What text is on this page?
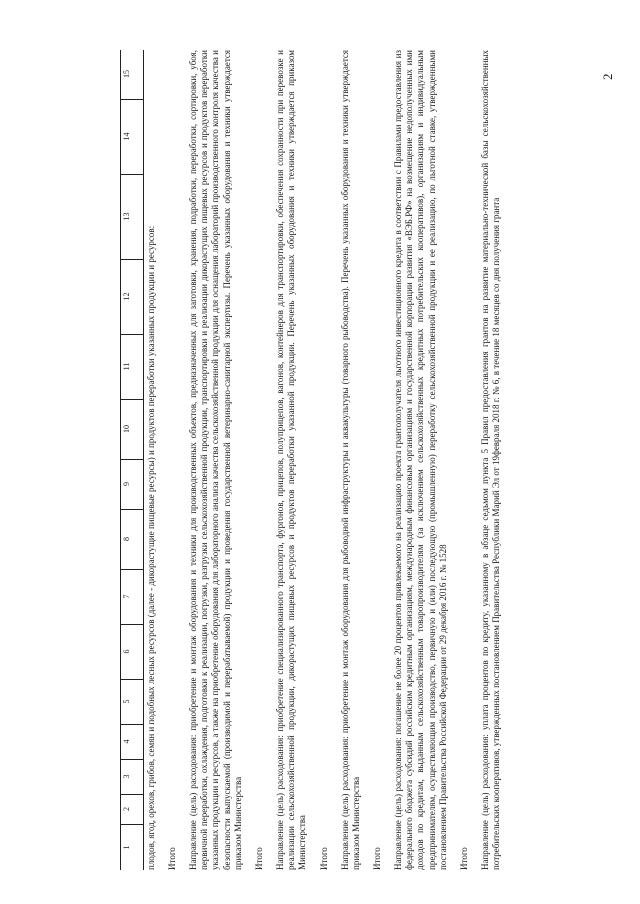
2
1
2
3
4
5
6
7
8
9
10
11
12
13
14
15

плодов, ягод, орехов, грибов, семян и подобных лесных ресурсов (далее - дикорастущие пищевые ресурсы) и продуктов переработки указанных продукции и ресурсов: Итого Направление (цель) расходования: приобретение и монтаж оборудования и техники для производственных объектов, предназначенных для заготовки, хранения, подработки, переработки, сортировки, убоя, первичной переработки, охлаждения, подготовки к реализации, погрузки, разгрузки сельскохозяйственной продукции, транспортировки и реализации дикорастущих пищевых ресурсов и продуктов переработки указанных продукции и ресурсов, а также на приобретение оборудования для лабораторного анализа качества сельскохозяйственной продукции для оснащения лабораторий производственного контроля качества и безопасности выпускаемой (производимой и перерабатываемой) продукции и проведения государственной ветеринарно-санитарной экспертизы. Перечень указанных оборудования и техники утверждается приказом Министерства Итого Направление (цель) расходования: приобретение специализированного транспорта, фургонов, прицепов, полуприцепов, вагонов, контейнеров для транспортировки, обеспечения сохранности при перевозке и реализации сельскохозяйственной продукции, дикорастущих пищевых ресурсов и продуктов переработки указанной продукции. Перечень указанных оборудования и техники утверждается приказом Министерства Итого Направление (цель) расходования: приобретение и монтаж оборудования для рыбоводной инфраструктуры и аквакультуры (товарного рыбоводства). Перечень указанных оборудования и техники утверждается приказом Министерства Итого Направление (цель) расходования: погашение не более 20 процентов привлекаемого на реализацию проекта грантополучателя льготного инвестиционного кредита в соответствии с Правилами предоставления из федерального бюджета субсидий российским кредитным организациям, международным финансовым организациям и государственной корпорации развития «ВЭБ.РФ» на возмещение недополученных ими доходов по кредитам, выданным сельскохозяйственным товаропроизводителям (за исключением сельскохозяйственных кредитных потребительских кооперативов), организациям и индивидуальным предпринимателям, осуществляющим производство, первичную и (или) последующую (промышленную) переработку сельскохозяйственной продукции и ее реализацию, по льготной ставке, утвержденными постановлением Правительства Российской Федерации от 29 декабря 2016 г. № 1528 Итого Направление (цель) расходования: уплата процентов по кредиту, указанному в абзаце седьмом пункта 5 Правил предоставления грантов на развитие материально-технической базы сельскохозяйственных потребительских кооперативов, утвержденных постановлением Правительства Республики Марий Эл от 19февраля 2018 г. № 6, в течение 18 месяцев со дня получения гранта
